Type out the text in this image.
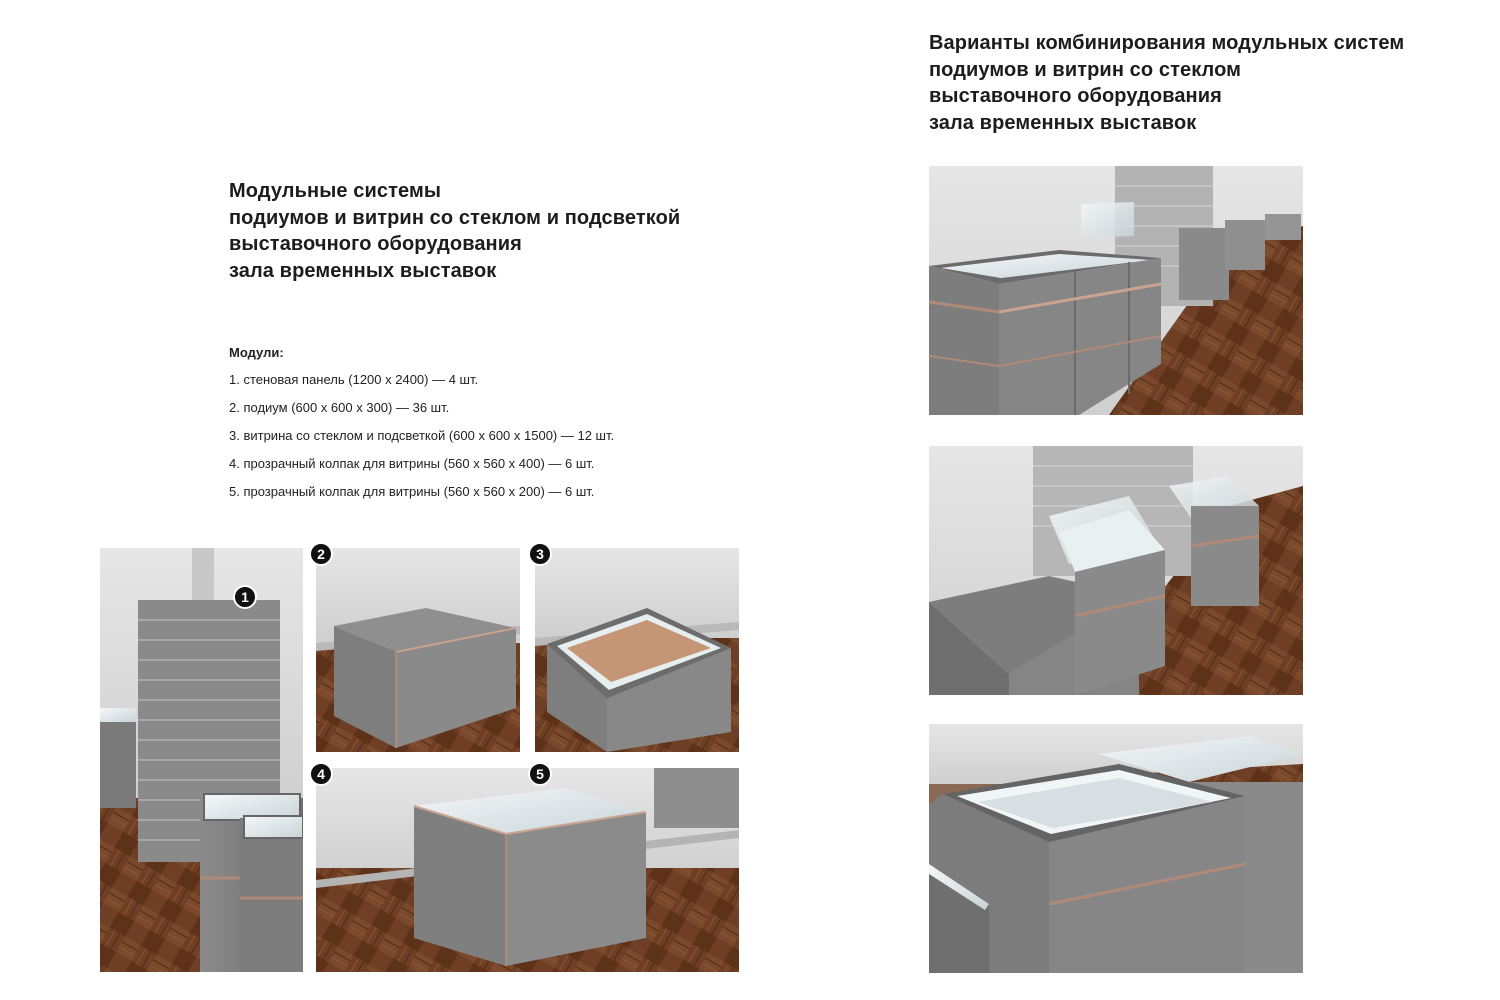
Модульные системы
подиумов и витрин со стеклом и подсветкой
выставочного оборудования
зала временных выставок
Варианты комбинирования модульных систем
подиумов и витрин со стеклом
выставочного оборудования
зала временных выставок
Модули:
1. стеновая панель (1200 х 2400) — 4 шт.
2. подиум (600 х 600 х 300) — 36 шт.
3. витрина со стеклом и подсветкой (600 х 600 х 1500) — 12 шт.
4. прозрачный колпак для витрины (560 х 560 х 400) — 6 шт.
5. прозрачный колпак для витрины (560 х 560 х 200) — 6 шт.
1
2	3
4	5
